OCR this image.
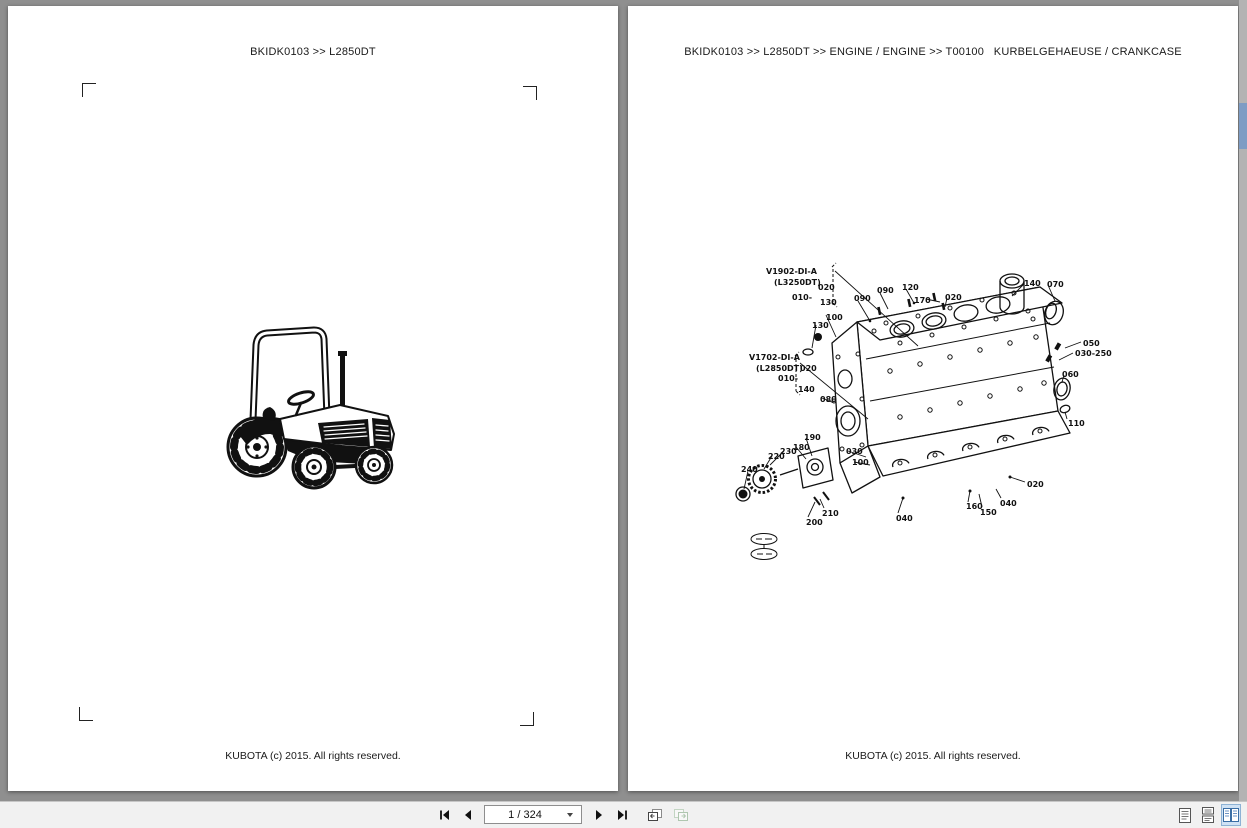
BKIDK0103 >> L2850DT
KUBOTA (c) 2015. All rights reserved.
BKIDK0103 >> L2850DT >> ENGINE / ENGINE >> T00100   KURBELGEHAEUSE / CRANKCASE
V1902-DI-A
(L3250DT)
020
010-
130 090
090 120
020
170
140 070
100
130
V1702-DI-A
(L2850DT)
020
010-
140
080
050
030-250
060
110
190
180
230
220
240
030
100
210
200	040
160
150
040
020
KUBOTA (c) 2015. All rights reserved.
1 / 324
